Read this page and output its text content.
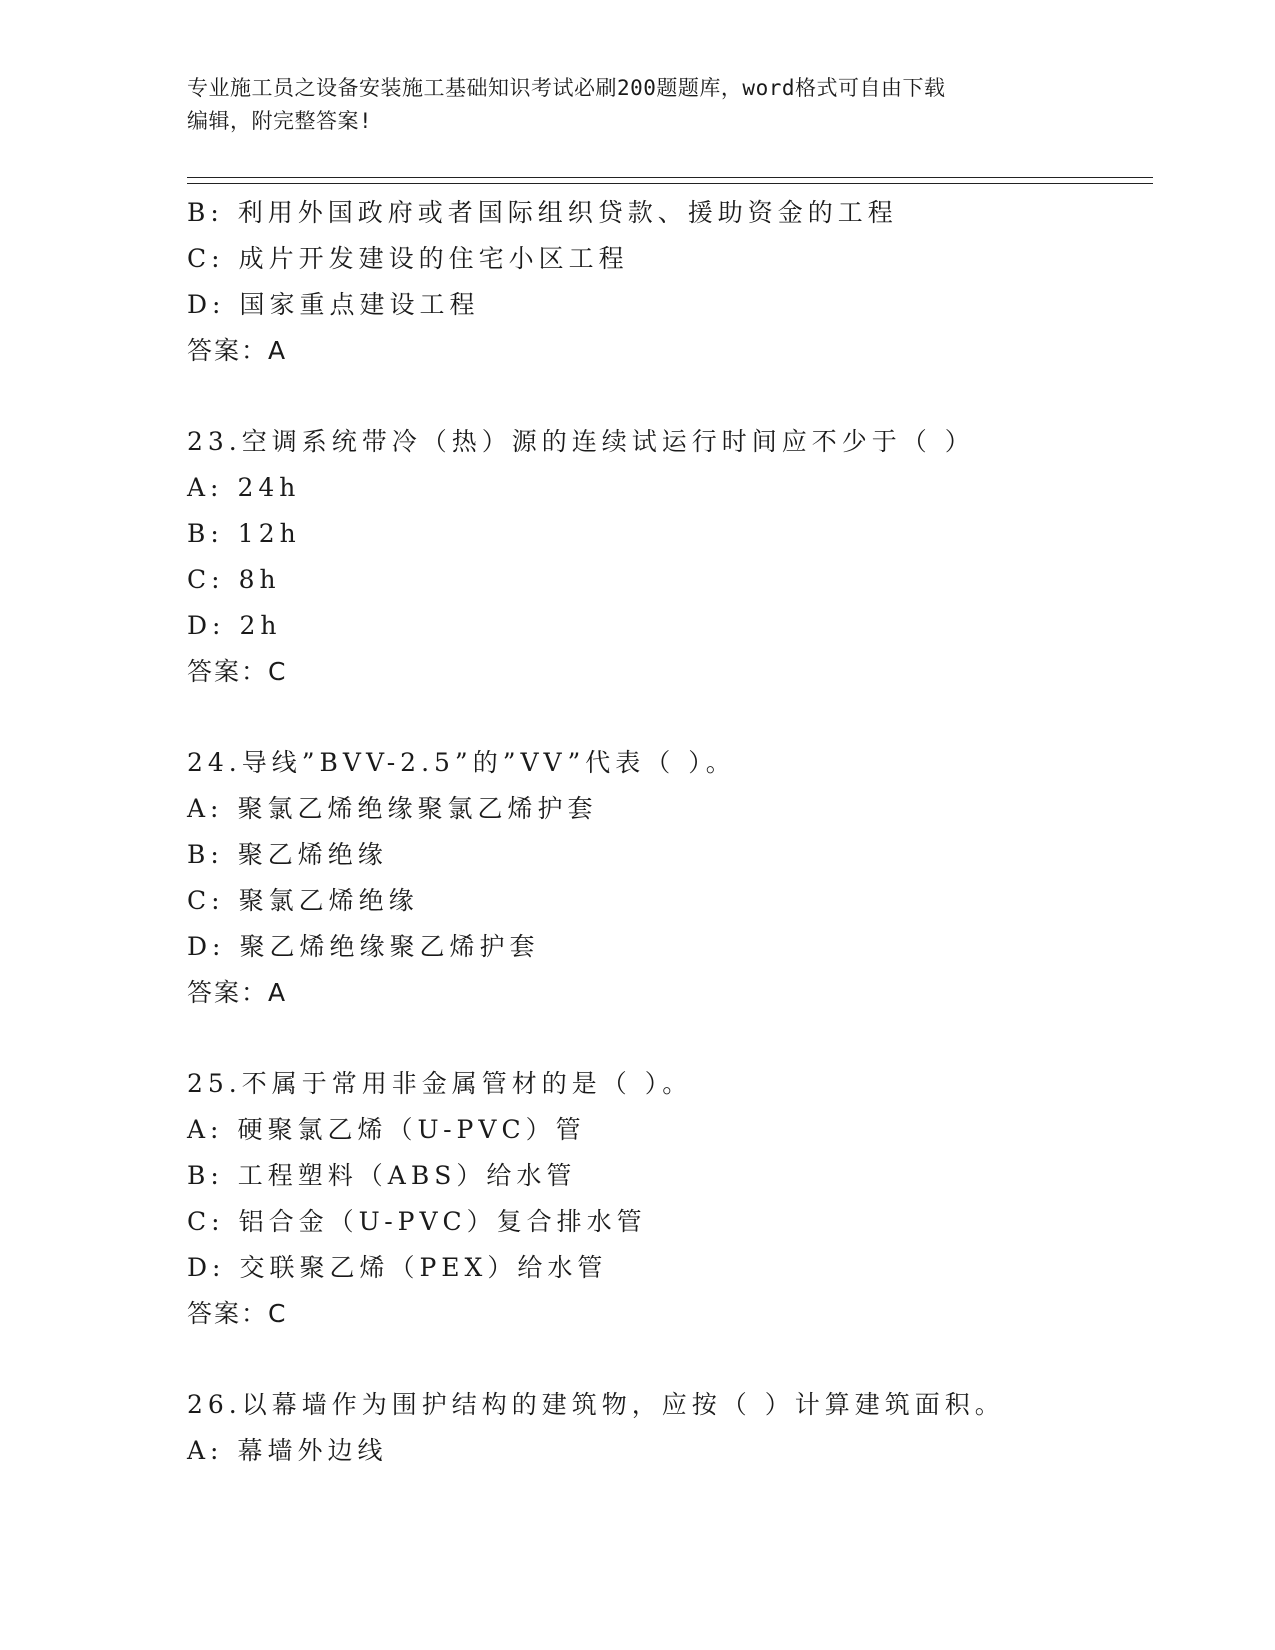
专业施工员之设备安装施工基础知识考试必刷200题题库，word格式可自由下载
编辑，附完整答案!
B: 利用外国政府或者国际组织贷款、援助资金的工程
C: 成片开发建设的住宅小区工程
D: 国家重点建设工程
答案：A
23.空调系统带冷（热）源的连续试运行时间应不少于（ ）
A: 24h
B: 12h
C: 8h
D: 2h
答案：C
24.导线”BVV-2.5”的”VV”代表（ ）。
A: 聚氯乙烯绝缘聚氯乙烯护套
B: 聚乙烯绝缘
C: 聚氯乙烯绝缘
D: 聚乙烯绝缘聚乙烯护套
答案：A
25.不属于常用非金属管材的是（ ）。
A: 硬聚氯乙烯（U-PVC）管
B: 工程塑料（ABS）给水管
C: 铝合金（U-PVC）复合排水管
D: 交联聚乙烯（PEX）给水管
答案：C
26.以幕墙作为围护结构的建筑物，应按（ ）计算建筑面积。
A: 幕墙外边线
